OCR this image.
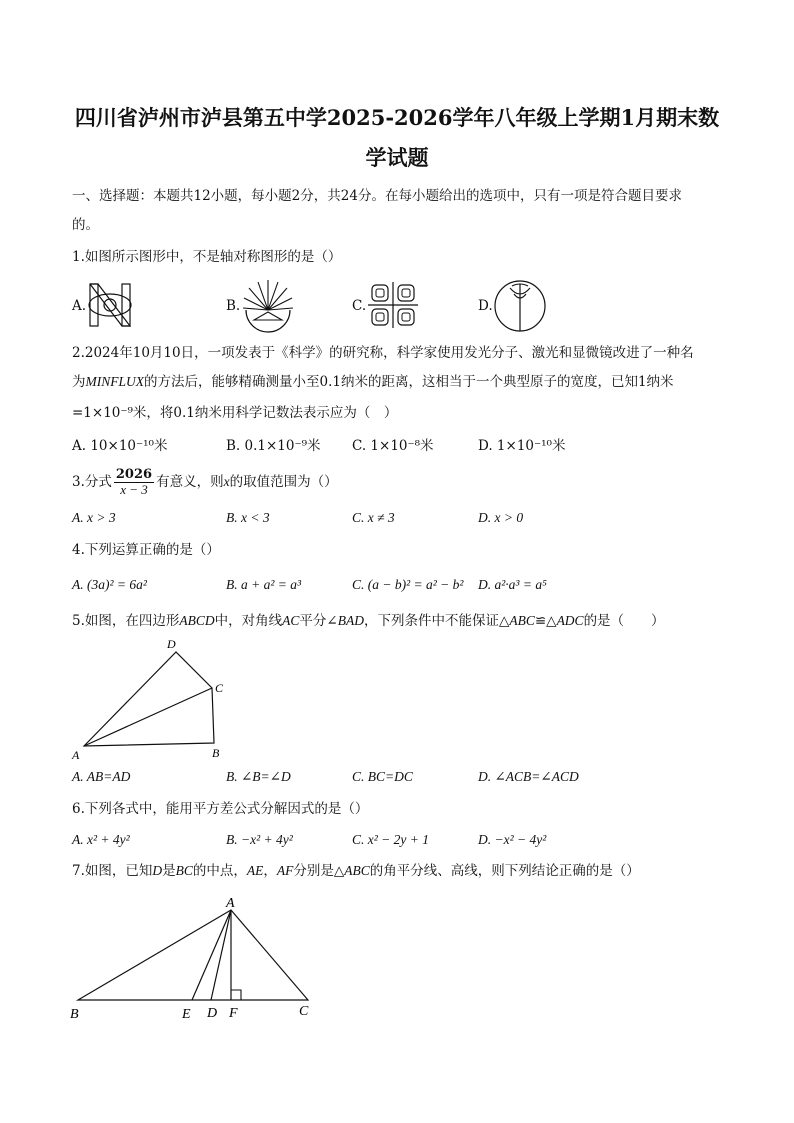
四川省泸州市泸县第五中学2025-2026学年八年级上学期1月期末数
学试题
一、选择题：本题共12小题，每小题2分，共24分。在每小题给出的选项中，只有一项是符合题目要求
的。
1.如图所示图形中，不是轴对称图形的是（）
A.	B.	C.	D.
2.2024年10月10日，一项发表于《科学》的研究称，科学家使用发光分子、激光和显微镜改进了一种名
为MINFLUX的方法后，能够精确测量小至0.1纳米的距离，这相当于一个典型原子的宽度，已知1纳米
=1×10⁻⁹米，将0.1纳米用科学记数法表示应为（　）
A. 10×10⁻¹⁰米	B. 0.1×10⁻⁹米 C. 1×10⁻⁸米	D. 1×10⁻¹⁰米
3.分式 $\frac{2026}{x - 3}$ 有意义，则x的取值范围为（）
A. x > 3	B. x < 3	C. x ≠ 3	D. x > 0
4.下列运算正确的是（）
A. (3a)² = 6a²	B. a + a² = a³	C. (a − b)² = a² − b² D. a²·a³ = a⁵
5.如图，在四边形ABCD中，对角线AC平分∠BAD，下列条件中不能保证△ABC≌△ADC的是（　　）
D
C
A	B
A. AB=AD	B. ∠B=∠D	C. BC=DC	D. ∠ACB=∠ACD
6.下列各式中，能用平方差公式分解因式的是（）
A. x² + 4y²	B. −x² + 4y²	C. x² − 2y + 1	D. −x² − 4y²
7.如图，已知D是BC的中点，AE，AF分别是△ABC的角平分线、高线，则下列结论正确的是（）
A
B	E D F	C
